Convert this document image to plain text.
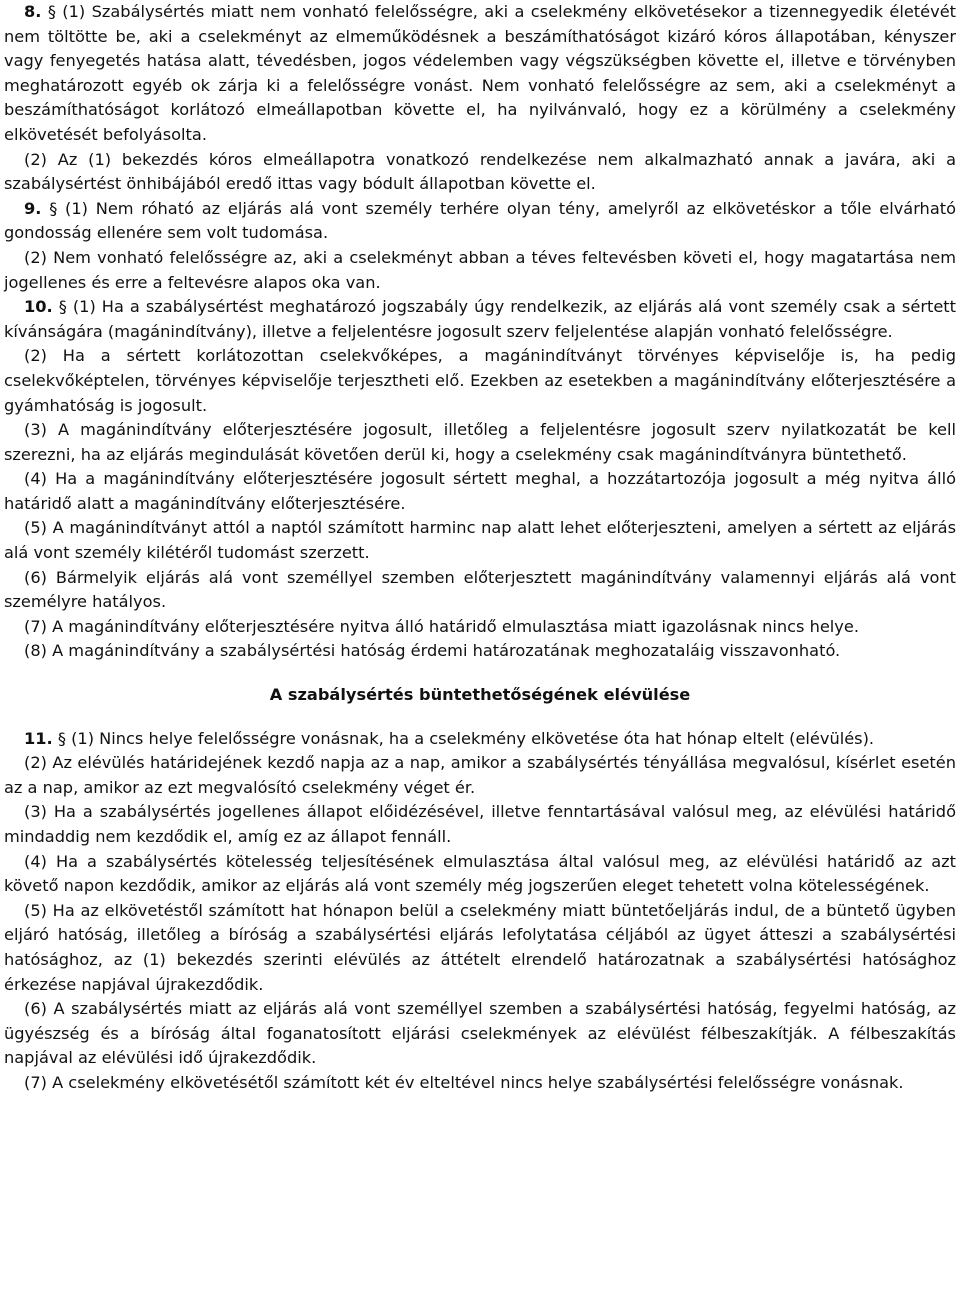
8. § (1) Szabálysértés miatt nem vonható felelősségre, aki a cselekmény elkövetésekor a tizennegyedik életévét nem töltötte be, aki a cselekményt az elmeműködésnek a beszámíthatóságot kizáró kóros állapotában, kényszer vagy fenyegetés hatása alatt, tévedésben, jogos védelemben vagy végszükségben követte el, illetve e törvényben meghatározott egyéb ok zárja ki a felelősségre vonást. Nem vonható felelősségre az sem, aki a cselekményt a beszámíthatóságot korlátozó elmeállapotban követte el, ha nyilvánvaló, hogy ez a körülmény a cselekmény elkövetését befolyásolta.

(2) Az (1) bekezdés kóros elmeállapotra vonatkozó rendelkezése nem alkalmazható annak a javára, aki a szabálysértést önhibájából eredő ittas vagy bódult állapotban követte el.

9. § (1) Nem róható az eljárás alá vont személy terhére olyan tény, amelyről az elkövetéskor a tőle elvárható gondosság ellenére sem volt tudomása.

(2) Nem vonható felelősségre az, aki a cselekményt abban a téves feltevésben követi el, hogy magatartása nem jogellenes és erre a feltevésre alapos oka van.

10. § (1) Ha a szabálysértést meghatározó jogszabály úgy rendelkezik, az eljárás alá vont személy csak a sértett kívánságára (magánindítvány), illetve a feljelentésre jogosult szerv feljelentése alapján vonható felelősségre.

(2) Ha a sértett korlátozottan cselekvőképes, a magánindítványt törvényes képviselője is, ha pedig cselekvőképtelen, törvényes képviselője terjesztheti elő. Ezekben az esetekben a magánindítvány előterjesztésére a gyámhatóság is jogosult.

(3) A magánindítvány előterjesztésére jogosult, illetőleg a feljelentésre jogosult szerv nyilatkozatát be kell szerezni, ha az eljárás megindulását követően derül ki, hogy a cselekmény csak magánindítványra büntethető.

(4) Ha a magánindítvány előterjesztésére jogosult sértett meghal, a hozzátartozója jogosult a még nyitva álló határidő alatt a magánindítvány előterjesztésére.

(5) A magánindítványt attól a naptól számított harminc nap alatt lehet előterjeszteni, amelyen a sértett az eljárás alá vont személy kilétéről tudomást szerzett.

(6) Bármelyik eljárás alá vont személlyel szemben előterjesztett magánindítvány valamennyi eljárás alá vont személyre hatályos.

(7) A magánindítvány előterjesztésére nyitva álló határidő elmulasztása miatt igazolásnak nincs helye.

(8) A magánindítvány a szabálysértési hatóság érdemi határozatának meghozataláig visszavonható.

A szabálysértés büntethetőségének elévülése

11. § (1) Nincs helye felelősségre vonásnak, ha a cselekmény elkövetése óta hat hónap eltelt (elévülés).

(2) Az elévülés határidejének kezdő napja az a nap, amikor a szabálysértés tényállása megvalósul, kísérlet esetén az a nap, amikor az ezt megvalósító cselekmény véget ér.

(3) Ha a szabálysértés jogellenes állapot előidézésével, illetve fenntartásával valósul meg, az elévülési határidő mindaddig nem kezdődik el, amíg ez az állapot fennáll.

(4) Ha a szabálysértés kötelesség teljesítésének elmulasztása által valósul meg, az elévülési határidő az azt követő napon kezdődik, amikor az eljárás alá vont személy még jogszerűen eleget tehetett volna kötelességének.

(5) Ha az elkövetéstől számított hat hónapon belül a cselekmény miatt büntetőeljárás indul, de a büntető ügyben eljáró hatóság, illetőleg a bíróság a szabálysértési eljárás lefolytatása céljából az ügyet átteszi a szabálysértési hatósághoz, az (1) bekezdés szerinti elévülés az áttételt elrendelő határozatnak a szabálysértési hatósághoz érkezése napjával újrakezdődik.

(6) A szabálysértés miatt az eljárás alá vont személlyel szemben a szabálysértési hatóság, fegyelmi hatóság, az ügyészség és a bíróság által foganatosított eljárási cselekmények az elévülést félbeszakítják. A félbeszakítás napjával az elévülési idő újrakezdődik.

(7) A cselekmény elkövetésétől számított két év elteltével nincs helye szabálysértési felelősségre vonásnak.
